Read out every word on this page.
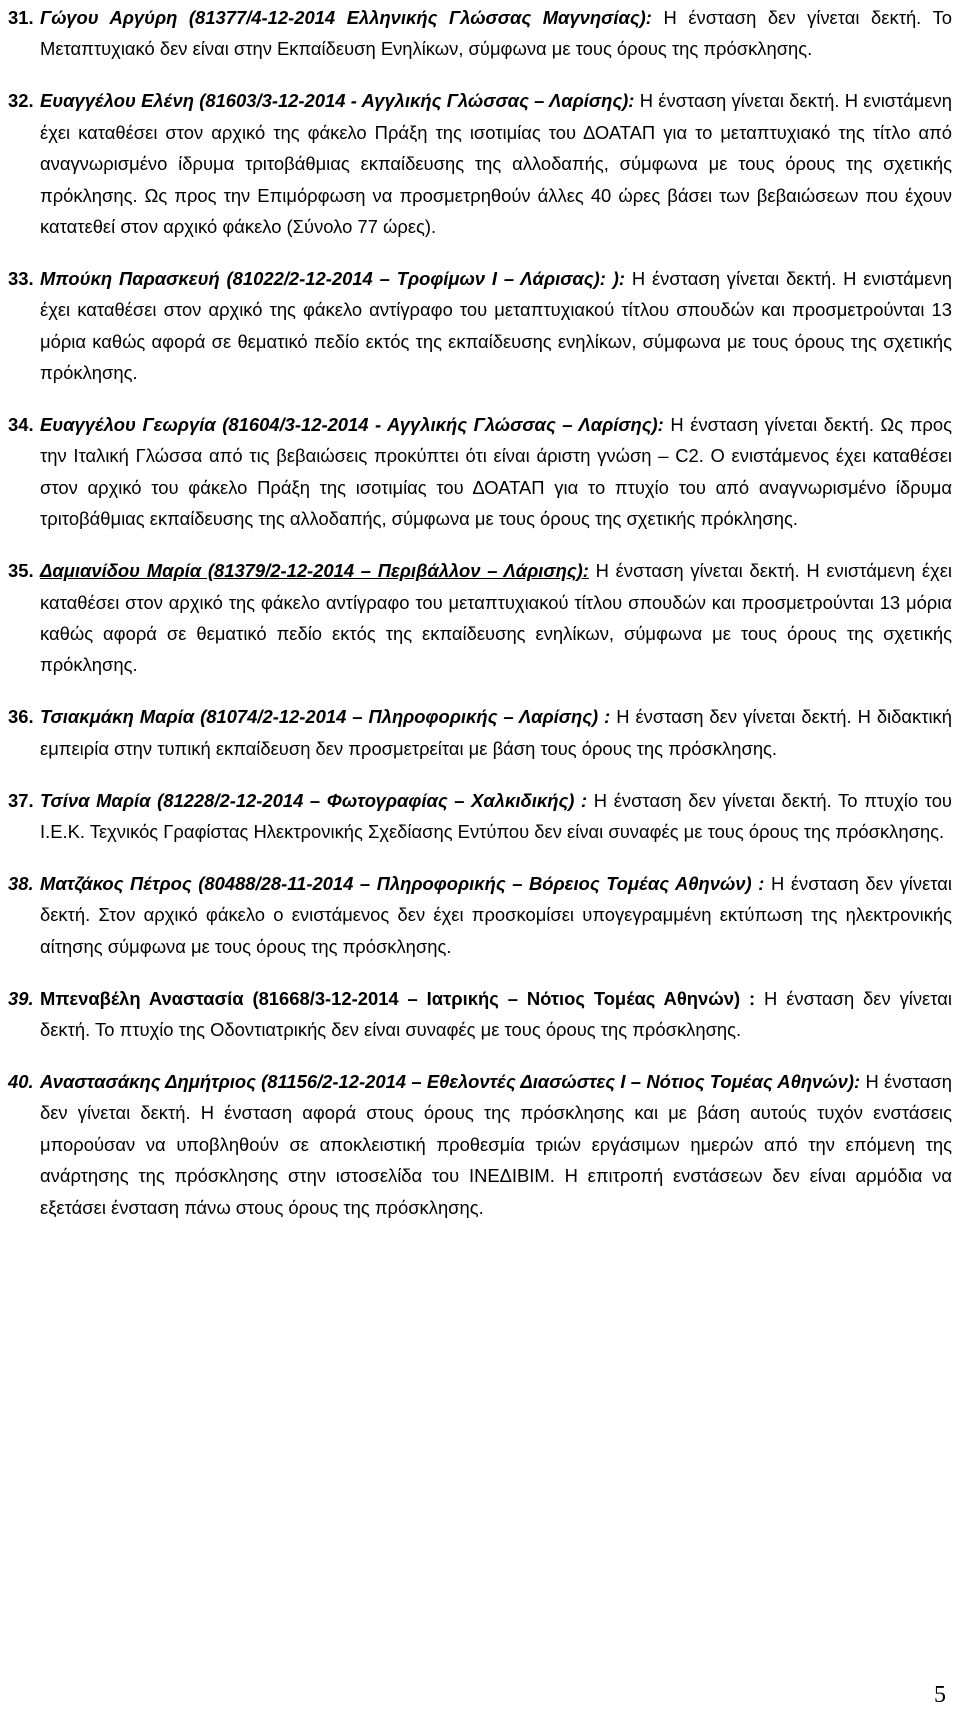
31. Γώγου Αργύρη (81377/4-12-2014 Ελληνικής Γλώσσας Μαγνησίας): Η ένσταση δεν γίνεται δεκτή. Το Μεταπτυχιακό δεν είναι στην Εκπαίδευση Ενηλίκων, σύμφωνα με τους όρους της πρόσκλησης.

32. Ευαγγέλου Ελένη (81603/3-12-2014 - Αγγλικής Γλώσσας – Λαρίσης): Η ένσταση γίνεται δεκτή. Η ενιστάμενη έχει καταθέσει στον αρχικό της φάκελο Πράξη της ισοτιμίας του ΔΟΑΤΑΠ για το μεταπτυχιακό της τίτλο από αναγνωρισμένο ίδρυμα τριτοβάθμιας εκπαίδευσης της αλλοδαπής, σύμφωνα με τους όρους της σχετικής πρόκλησης. Ως προς την Επιμόρφωση να προσμετρηθούν άλλες 40 ώρες βάσει των βεβαιώσεων που έχουν κατατεθεί στον αρχικό φάκελο (Σύνολο 77 ώρες).

33. Μπούκη Παρασκευή (81022/2-12-2014 – Τροφίμων Ι – Λάρισας): ): Η ένσταση γίνεται δεκτή. Η ενιστάμενη έχει καταθέσει στον αρχικό της φάκελο αντίγραφο του μεταπτυχιακού τίτλου σπουδών και προσμετρούνται 13 μόρια καθώς αφορά σε θεματικό πεδίο εκτός της εκπαίδευσης ενηλίκων, σύμφωνα με τους όρους της σχετικής πρόκλησης.

34. Ευαγγέλου Γεωργία (81604/3-12-2014 - Αγγλικής Γλώσσας – Λαρίσης): Η ένσταση γίνεται δεκτή. Ως προς την Ιταλική Γλώσσα από τις βεβαιώσεις προκύπτει ότι είναι άριστη γνώση – C2. Ο ενιστάμενος έχει καταθέσει στον αρχικό του φάκελο Πράξη της ισοτιμίας του ΔΟΑΤΑΠ για το πτυχίο του από αναγνωρισμένο ίδρυμα τριτοβάθμιας εκπαίδευσης της αλλοδαπής, σύμφωνα με τους όρους της σχετικής πρόκλησης.

35. Δαμιανίδου Μαρία (81379/2-12-2014 – Περιβάλλον – Λάρισης): Η ένσταση γίνεται δεκτή. Η ενιστάμενη έχει καταθέσει στον αρχικό της φάκελο αντίγραφο του μεταπτυχιακού τίτλου σπουδών και προσμετρούνται 13 μόρια καθώς αφορά σε θεματικό πεδίο εκτός της εκπαίδευσης ενηλίκων, σύμφωνα με τους όρους της σχετικής πρόκλησης.

36. Τσιακμάκη Μαρία (81074/2-12-2014 – Πληροφορικής – Λαρίσης) : Η ένσταση δεν γίνεται δεκτή. Η διδακτική εμπειρία στην τυπική εκπαίδευση δεν προσμετρείται με βάση τους όρους της πρόσκλησης.

37. Τσίνα Μαρία (81228/2-12-2014 – Φωτογραφίας – Χαλκιδικής) : Η ένσταση δεν γίνεται δεκτή. Το πτυχίο του Ι.Ε.Κ. Τεχνικός Γραφίστας Ηλεκτρονικής Σχεδίασης Εντύπου δεν είναι συναφές με τους όρους της πρόσκλησης.

38. Ματζάκος Πέτρος (80488/28-11-2014 – Πληροφορικής – Βόρειος Τομέας Αθηνών) : Η ένσταση δεν γίνεται δεκτή. Στον αρχικό φάκελο ο ενιστάμενος δεν έχει προσκομίσει υπογεγραμμένη εκτύπωση της ηλεκτρονικής αίτησης σύμφωνα με τους όρους της πρόσκλησης.

39. Μπεναβέλη Αναστασία (81668/3-12-2014 – Ιατρικής – Νότιος Τομέας Αθηνών) : Η ένσταση δεν γίνεται δεκτή. Το πτυχίο της Οδοντιατρικής δεν είναι συναφές με τους όρους της πρόσκλησης.

40. Αναστασάκης Δημήτριος (81156/2-12-2014 – Εθελοντές Διασώστες Ι – Νότιος Τομέας Αθηνών): Η ένσταση δεν γίνεται δεκτή. Η ένσταση αφορά στους όρους της πρόσκλησης και με βάση αυτούς τυχόν ενστάσεις μπορούσαν να υποβληθούν σε αποκλειστική προθεσμία τριών εργάσιμων ημερών από την επόμενη της ανάρτησης της πρόσκλησης στην ιστοσελίδα του ΙΝΕΔΙΒΙΜ. Η επιτροπή ενστάσεων δεν είναι αρμόδια να εξετάσει ένσταση πάνω στους όρους της πρόσκλησης.

5
